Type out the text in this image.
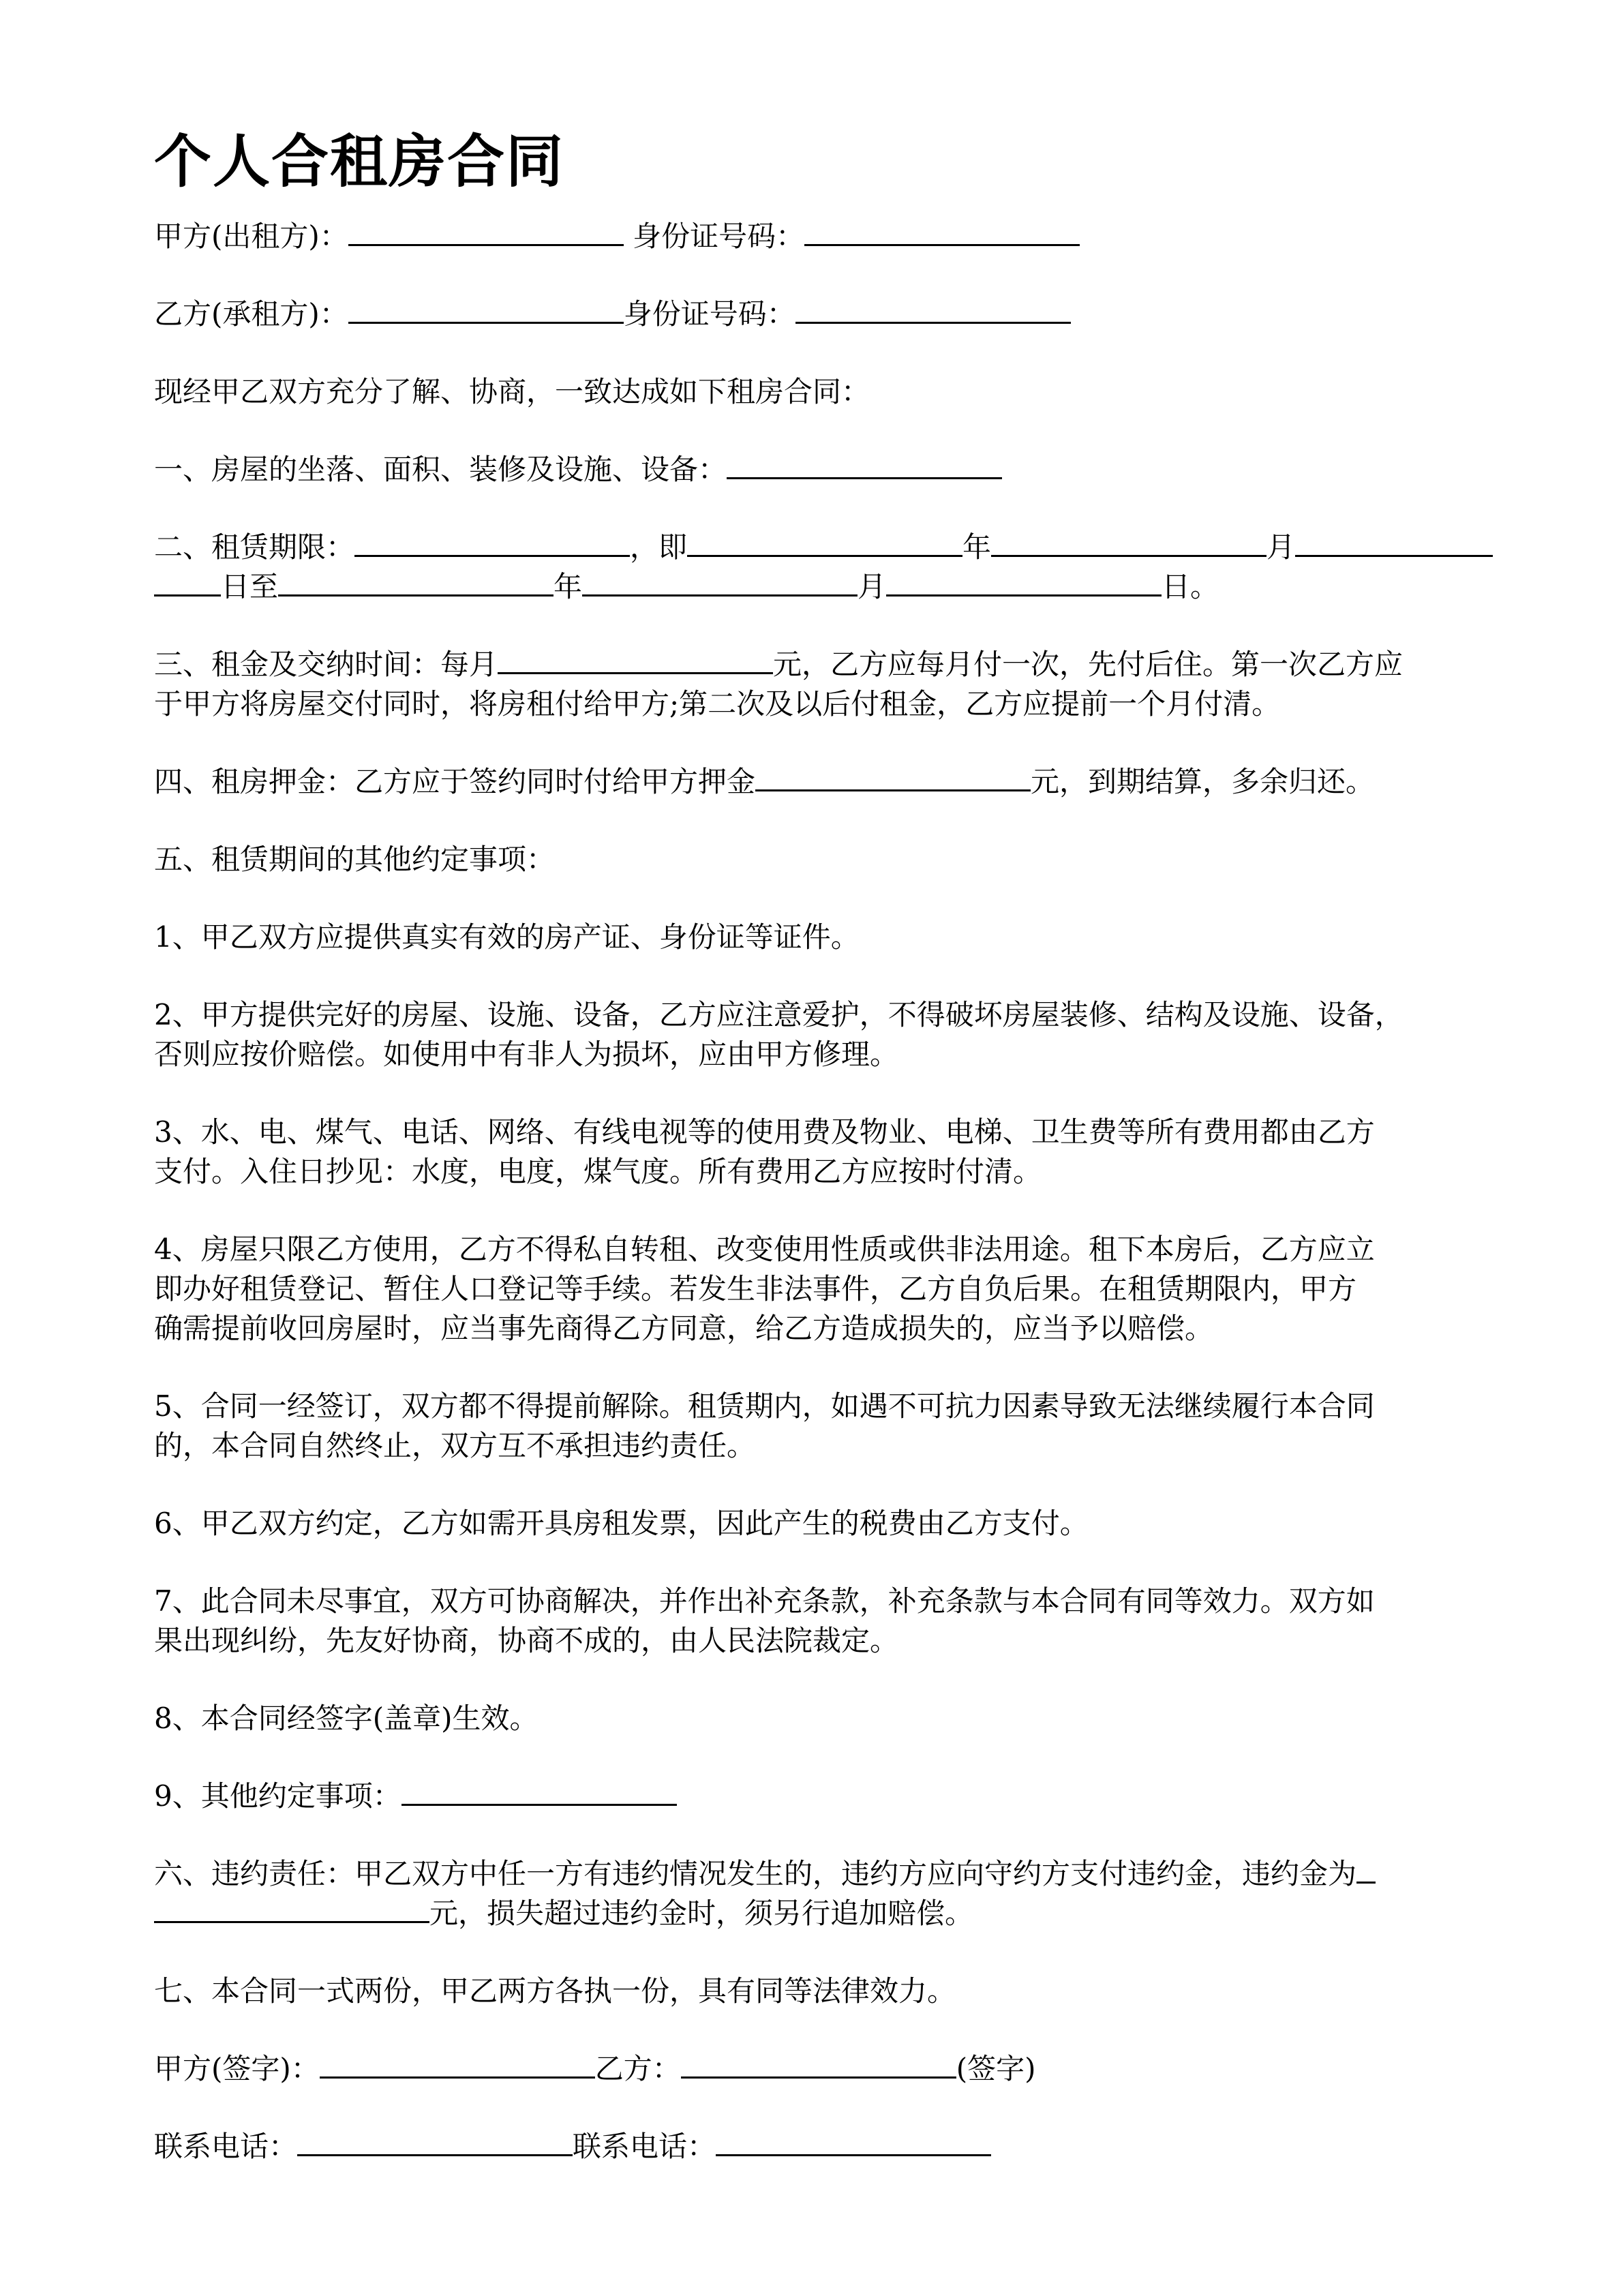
个人合租房合同
甲方(出租方)：	身份证号码：
乙方(承租方)：	身份证号码：
现经甲乙双方充分了解、协商，一致达成如下租房合同：
一、房屋的坐落、面积、装修及设施、设备：
二、租赁期限：	，即	年	月
日至	年	月	日。
三、租金及交纳时间：每月	元，乙方应每月付一次，先付后住。第一次乙方应
于甲方将房屋交付同时，将房租付给甲方;第二次及以后付租金，乙方应提前一个月付清。
四、租房押金：乙方应于签约同时付给甲方押金	元，到期结算，多余归还。
五、租赁期间的其他约定事项：
1、甲乙双方应提供真实有效的房产证、身份证等证件。
2、甲方提供完好的房屋、设施、设备，乙方应注意爱护，不得破坏房屋装修、结构及设施、设备，
否则应按价赔偿。如使用中有非人为损坏，应由甲方修理。
3、水、电、煤气、电话、网络、有线电视等的使用费及物业、电梯、卫生费等所有费用都由乙方
支付。入住日抄见：水度，电度，煤气度。所有费用乙方应按时付清。
4、房屋只限乙方使用，乙方不得私自转租、改变使用性质或供非法用途。租下本房后，乙方应立
即办好租赁登记、暂住人口登记等手续。若发生非法事件，乙方自负后果。在租赁期限内，甲方
确需提前收回房屋时，应当事先商得乙方同意，给乙方造成损失的，应当予以赔偿。
5、合同一经签订，双方都不得提前解除。租赁期内，如遇不可抗力因素导致无法继续履行本合同
的，本合同自然终止，双方互不承担违约责任。
6、甲乙双方约定，乙方如需开具房租发票，因此产生的税费由乙方支付。
7、此合同未尽事宜，双方可协商解决，并作出补充条款，补充条款与本合同有同等效力。双方如
果出现纠纷，先友好协商，协商不成的，由人民法院裁定。
8、本合同经签字(盖章)生效。
9、其他约定事项：
六、违约责任：甲乙双方中任一方有违约情况发生的，违约方应向守约方支付违约金，违约金为
元，损失超过违约金时，须另行追加赔偿。
七、本合同一式两份，甲乙两方各执一份，具有同等法律效力。
甲方(签字)：	乙方：	(签字)
联系电话：	联系电话：
